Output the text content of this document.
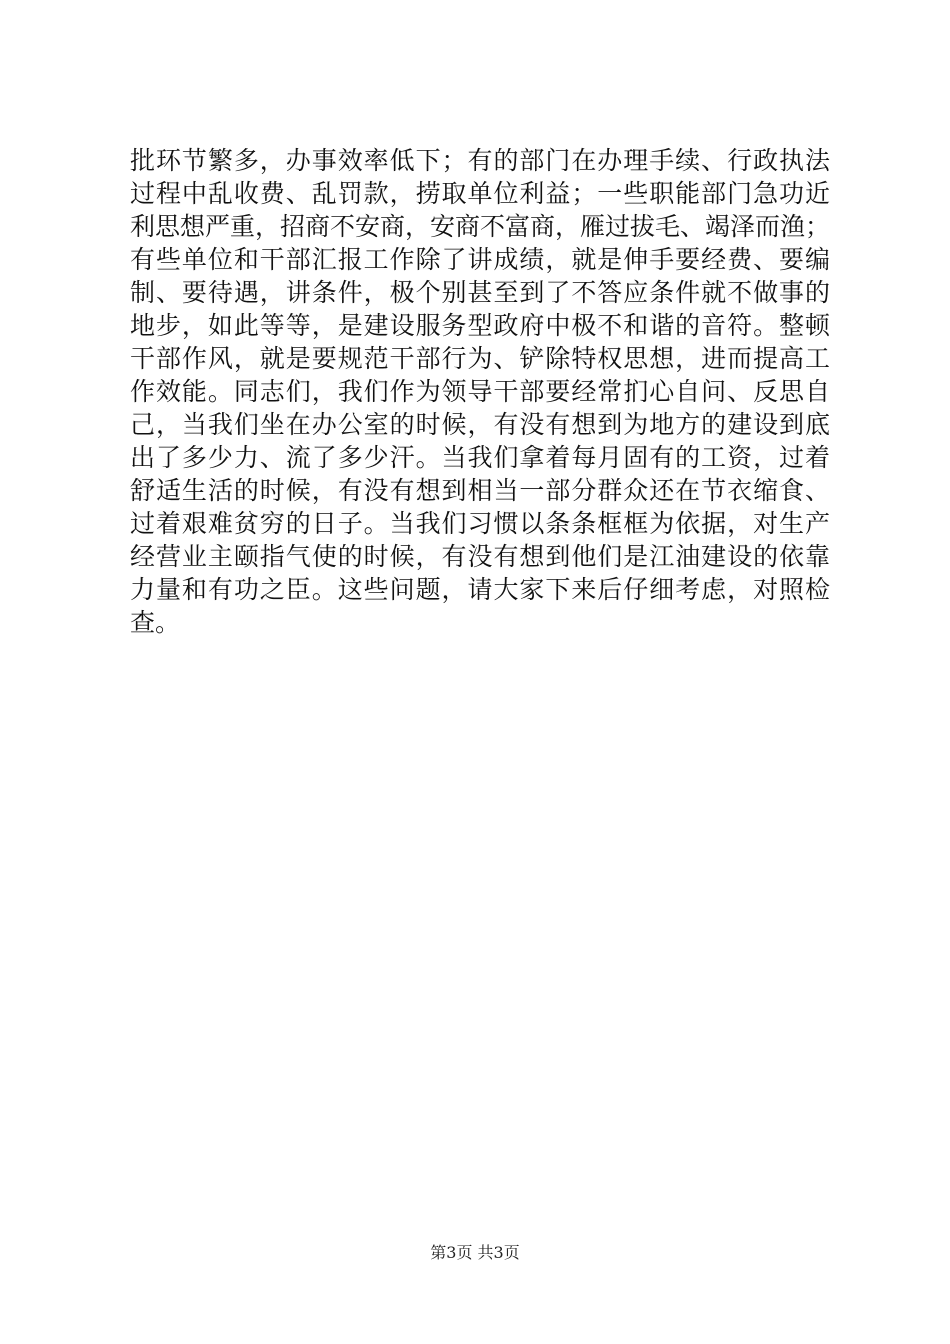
批环节繁多，办事效率低下；有的部门在办理手续、行政执法
过程中乱收费、乱罚款，捞取单位利益；一些职能部门急功近
利思想严重，招商不安商，安商不富商，雁过拔毛、竭泽而渔；
有些单位和干部汇报工作除了讲成绩，就是伸手要经费、要编
制、要待遇，讲条件，极个别甚至到了不答应条件就不做事的
地步，如此等等，是建设服务型政府中极不和谐的音符。整顿
干部作风，就是要规范干部行为、铲除特权思想，进而提高工
作效能。同志们，我们作为领导干部要经常扪心自问、反思自
己，当我们坐在办公室的时候，有没有想到为地方的建设到底
出了多少力、流了多少汗。当我们拿着每月固有的工资，过着
舒适生活的时候，有没有想到相当一部分群众还在节衣缩食、
过着艰难贫穷的日子。当我们习惯以条条框框为依据，对生产
经营业主颐指气使的时候，有没有想到他们是江油建设的依靠
力量和有功之臣。这些问题，请大家下来后仔细考虑，对照检
查。
第3页 共3页
